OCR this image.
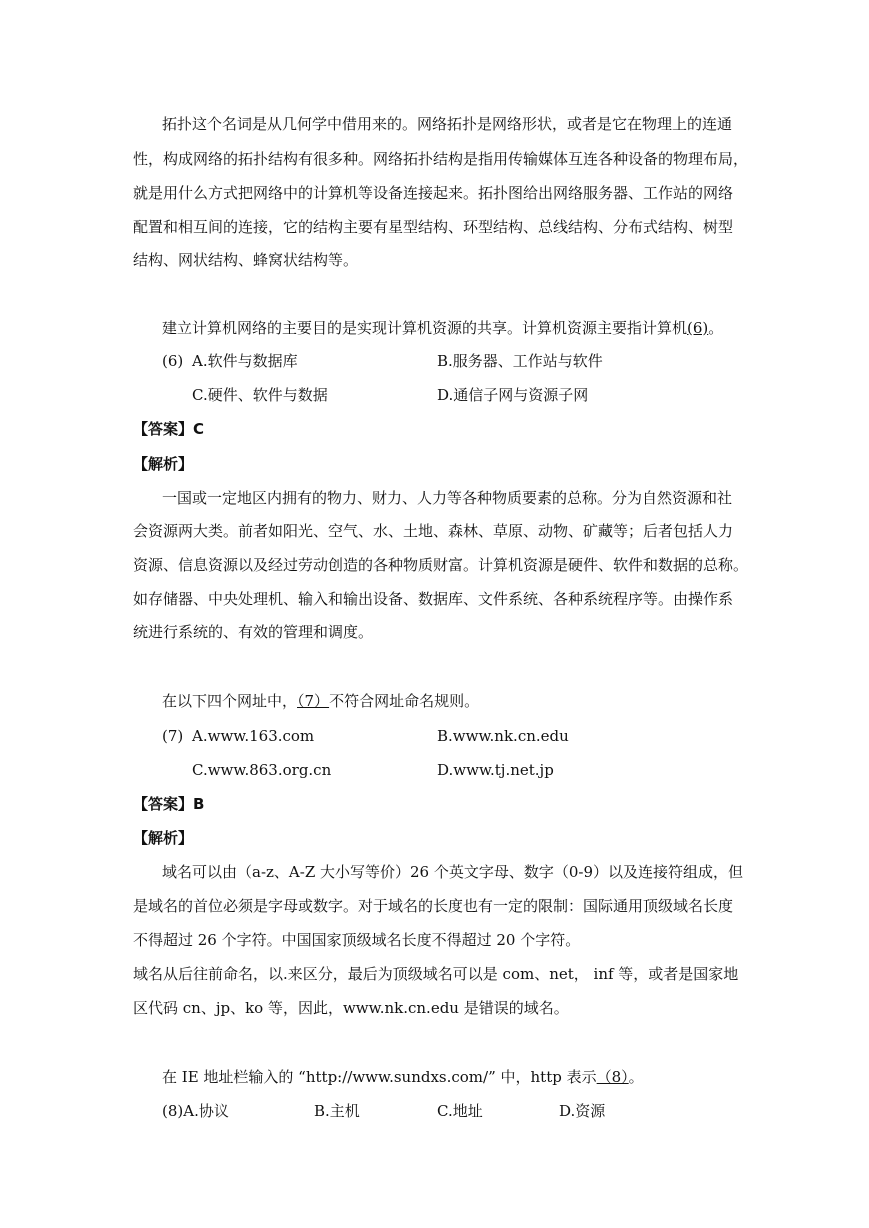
拓扑这个名词是从几何学中借用来的。网络拓扑是网络形状，或者是它在物理上的连通
性，构成网络的拓扑结构有很多种。网络拓扑结构是指用传输媒体互连各种设备的物理布局，
就是用什么方式把网络中的计算机等设备连接起来。拓扑图给出网络服务器、工作站的网络
配置和相互间的连接，它的结构主要有星型结构、环型结构、总线结构、分布式结构、树型
结构、网状结构、蜂窝状结构等。
建立计算机网络的主要目的是实现计算机资源的共享。计算机资源主要指计算机(6)。
(6) A.软件与数据库	B.服务器、工作站与软件
C.硬件、软件与数据	D.通信子网与资源子网
【答案】C
【解析】
一国或一定地区内拥有的物力、财力、人力等各种物质要素的总称。分为自然资源和社
会资源两大类。前者如阳光、空气、水、土地、森林、草原、动物、矿藏等；后者包括人力
资源、信息资源以及经过劳动创造的各种物质财富。计算机资源是硬件、软件和数据的总称。
如存储器、中央处理机、输入和输出设备、数据库、文件系统、各种系统程序等。由操作系
统进行系统的、有效的管理和调度。
在以下四个网址中，（7）不符合网址命名规则。
(7) A.www.163.com	B.www.nk.cn.edu
C.www.863.org.cn	D.www.tj.net.jp
【答案】B
【解析】
域名可以由（a-z、A-Z 大小写等价）26 个英文字母、数字（0-9）以及连接符组成，但
是域名的首位必须是字母或数字。对于域名的长度也有一定的限制：国际通用顶级域名长度
不得超过 26 个字符。中国国家顶级域名长度不得超过 20 个字符。
域名从后往前命名，以.来区分，最后为顶级域名可以是 com、net， inf 等，或者是国家地
区代码 cn、jp、ko 等，因此，www.nk.cn.edu 是错误的域名。
在 IE 地址栏输入的 “http://www.sundxs.com/” 中，http 表示（8）。
(8)A.协议	B.主机	C.地址	D.资源
